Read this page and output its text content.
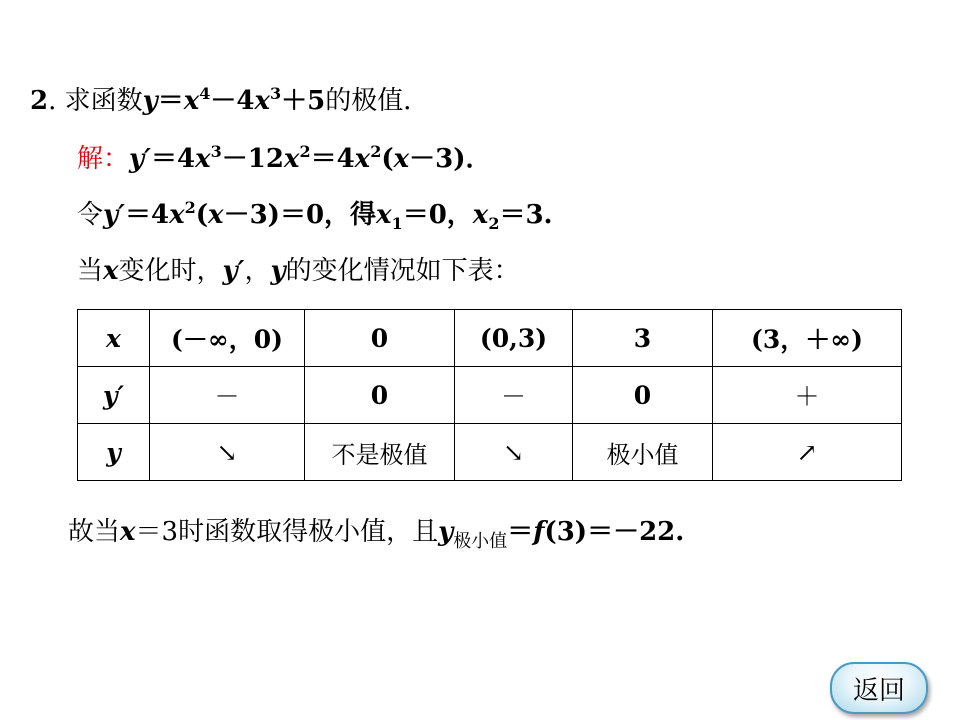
2. 求函数$y=x^4-4x^3+5$的极值．
解：$y'=4x^3-12x^2=4x^2(x-3)$．
令$y'=4x^2(x-3)=0$，得$x_1=0$，$x_2=3$.
当x变化时，y′，y的变化情况如下表：
x	(－∞，0)	0	(0,3)	3	(3，＋∞)
y′	－	0	－	0	＋
y	↘	不是极值	↘	极小值	↗
故当x＝3时函数取得极小值，且$y_{极小值}=f(3)=-22$.
返回
